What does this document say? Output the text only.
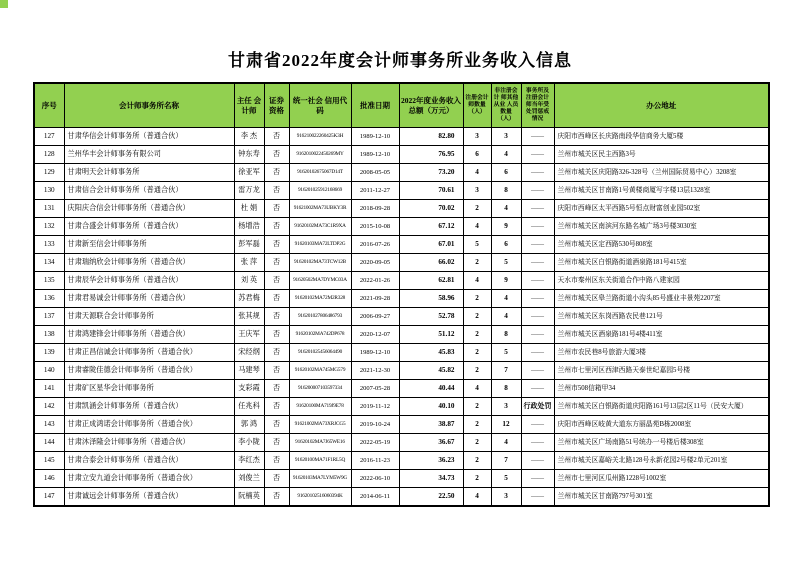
甘肃省2022年度会计师事务所业务收入信息
序号	会计师事务所名称	主任 会计师	证券 资格	统一社会 信用代码	批准日期	2022年度业务收入 总额（万元）	注册会计 师数量 （人）	非注册会计 师其他从业 人员数量 （人）	事务所及 注册会计 师当年受 处罚惩戒 情况	办公地址
127	甘肃华信会计师事务所（普通合伙）	李 杰	否	916210022260425K3H	1989-12-10	82.80	3	3	——	庆阳市西峰区长庆路南段华信商务大厦5楼
128	兰州华丰会计师事务有限公司	钟东寿	否	9162010022450269MY	1989-12-10	76.95	6	4	——	兰州市城关区民主西路3号
129	甘肃明天会计师事务所	徐亚军	否	91620102675067D14T	2008-05-05	73.20	4	6	——	兰州市城关区庆阳路326-328号（兰州国际贸易中心）3208室
130	甘肃信合会计师事务所（普通合伙）	雷万龙	否	916201025912168669	2011-12-27	70.61	3	8	——	兰州市城关区甘南路1号黄楼商厦写字楼13层1328室
131	庆阳庆合信会计师事务所（普通合伙）	杜 娟	否	91621002MA73UBKY3R	2018-09-28	70.02	2	4	——	庆阳市西峰区太平西路5号恒点财富创业园502室
132	甘肃合盛会计师事务所（普通合伙）	杨增浩	否	91620102MA73C1R9XA	2015-10-08	67.12	4	9	——	兰州市城关区南滨河东路名城广场3号楼3030室
133	甘肃新至信会计师事务所	彭军磊	否	91620103MA72LTDP2G	2016-07-26	67.01	5	6	——	兰州市城关区定西路530号808室
134	甘肃瑞纳欣会计师事务所（普通合伙）	张 萍	否	91620102MA73TCW12B	2020-09-05	66.02	2	5	——	兰州市城关区白银路街道酒泉路181号415室
135	甘肃辰华会计师事务所（普通合伙）	刘 英	否	91620502MA7DYMC03A	2022-01-26	62.81	4	9	——	天水市秦州区东关街道合作中路八建家园
136	甘肃君易诚会计师事务所（普通合伙）	苏君梅	否	91620102MA72M2R328	2021-09-28	58.96	2	4	——	兰州市城关区皋兰路街道小沟头85号盛业丰景苑2207室
137	甘肃天源联合会计师事务所	张其规	否	916201027806486793	2006-09-27	52.78	2	4	——	兰州市城关区东岗西路农民巷121号
138	甘肃鸿建锋会计师事务所（普通合伙）	王庆军	否	91620102MA742DP678	2020-12-07	51.12	2	8	——	兰州市城关区酒泉路181号4楼411室
139	甘肃正昌信诚会计师事务所（普通合伙）	宋经纲	否	916201025456064490	1989-12-10	45.83	2	5	——	兰州市农民巷8号旅游大厦3楼
140	甘肃睿陇佳德会计师事务所（普通合伙）	马建琴	否	91620102MA745MG579	2021-12-30	45.82	2	7	——	兰州市七里河区西津西路天泰世纪嘉园5号楼
141	甘肃矿区星华会计师事务所	支彩霞	否	916200007103597334	2007-05-28	40.44	4	8	——	兰州市508信箱甲34
142	甘肃凯涵会计师事务所（普通合伙）	任兆科	否	91620100MA719J9E78	2019-11-12	40.10	2	3	行政处罚	兰州市城关区白银路街道庆阳路161号13层2区11号（民安大厦）
143	甘肃正成鸿诺会计师事务所（普通合伙）	郭 鸿	否	91621002MA73XRJCG5	2019-10-24	38.87	2	12	——	庆阳市西峰区岐黄大道东方丽晶苑B栋2008室
144	甘肃沐泽隆会计师事务所（普通合伙）	李小陇	否	91620102MA7J65WE16	2022-05-19	36.67	2	4	——	兰州市城关区广场南路51号统办一号楼后楼308室
145	甘肃合泰会计师事务所（普通合伙）	李红杰	否	91620100MA71F1RL5Q	2016-11-23	36.23	2	7	——	兰州市城关区嘉峪关北路128号永新花园2号楼2单元201室
146	甘肃立安九道会计师事务所（普通合伙）	刘俊兰	否	91620103MA7LYM5W9G	2022-06-10	34.73	2	5	——	兰州市七里河区瓜州路1228号1002室
147	甘肃诚远会计师事务所（普通合伙）	阮楠英	否	91620102516060394K	2014-06-11	22.50	4	3	——	兰州市城关区甘南路797号301室
